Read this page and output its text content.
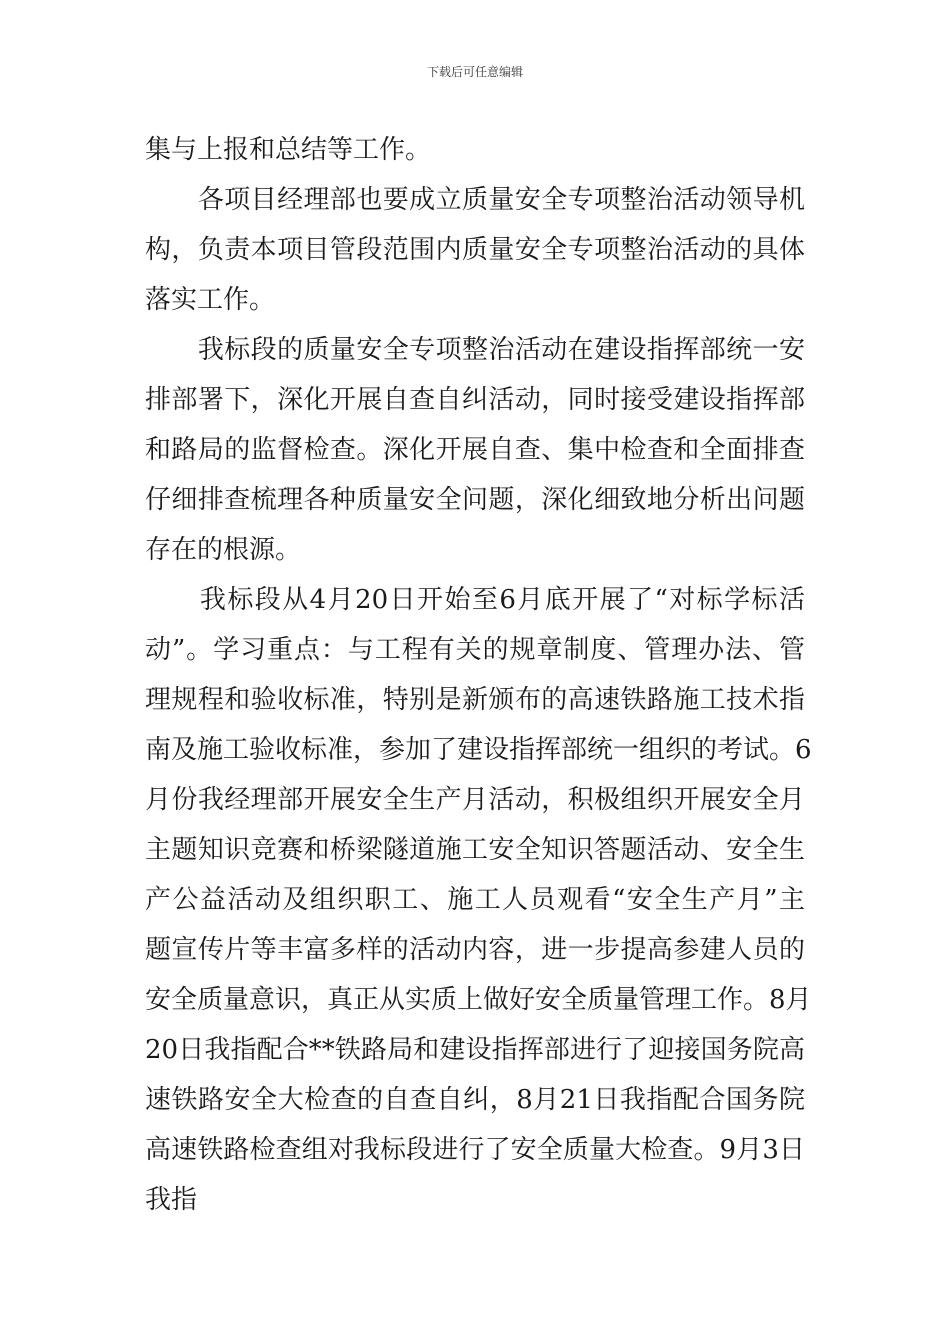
下载后可任意编辑
集与上报和总结等工作。
　　各项目经理部也要成立质量安全专项整治活动领导机
构，负责本项目管段范围内质量安全专项整治活动的具体
落实工作。
　　我标段的质量安全专项整治活动在建设指挥部统一安
排部署下，深化开展自查自纠活动，同时接受建设指挥部
和路局的监督检查。深化开展自查、集中检查和全面排查
仔细排查梳理各种质量安全问题，深化细致地分析出问题
存在的根源。
　　我标段从4月20日开始至6月底开展了“对标学标活
动”。学习重点：与工程有关的规章制度、管理办法、管
理规程和验收标准，特别是新颁布的高速铁路施工技术指
南及施工验收标准，参加了建设指挥部统一组织的考试。6
月份我经理部开展安全生产月活动，积极组织开展安全月
主题知识竞赛和桥梁隧道施工安全知识答题活动、安全生
产公益活动及组织职工、施工人员观看“安全生产月”主
题宣传片等丰富多样的活动内容，进一步提高参建人员的
安全质量意识，真正从实质上做好安全质量管理工作。8月
20日我指配合**铁路局和建设指挥部进行了迎接国务院高
速铁路安全大检查的自查自纠，8月21日我指配合国务院
高速铁路检查组对我标段进行了安全质量大检查。9月3日
我指
